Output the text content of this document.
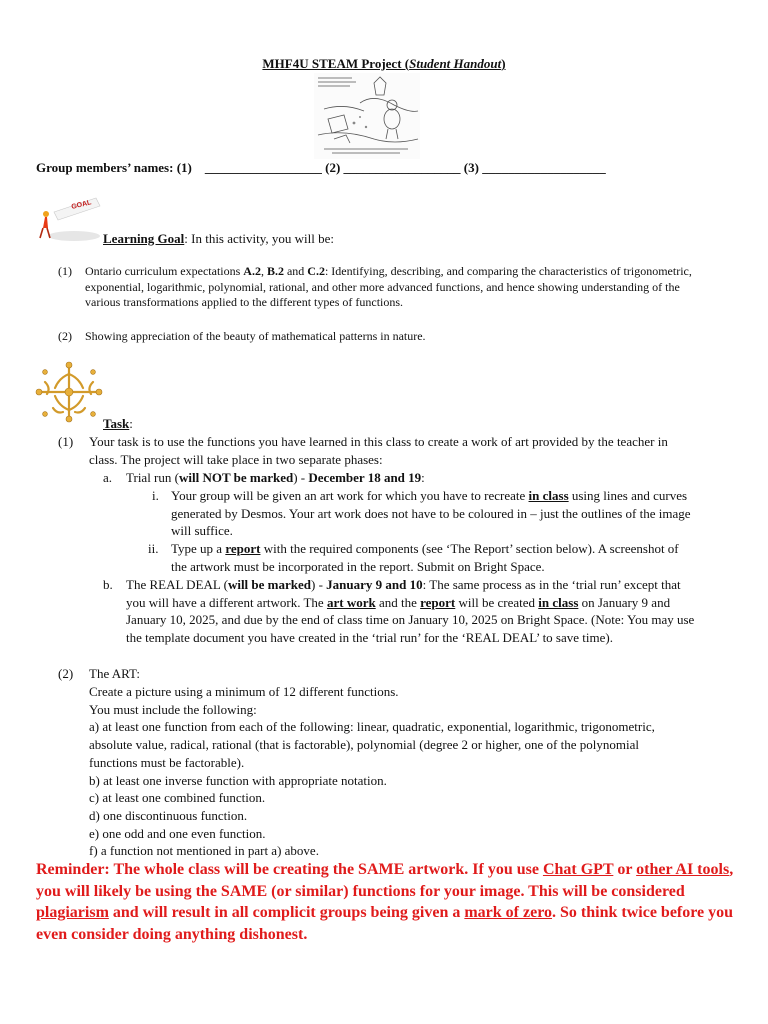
MHF4U STEAM Project (Student Handout)
Group members’ names: (1) __________________ (2) __________________ (3) ___________________
GOAL
Learning Goal: In this activity, you will be:
(1) Ontario curriculum expectations A.2, B.2 and C.2: Identifying, describing, and comparing the characteristics of trigonometric, exponential, logarithmic, polynomial, rational, and other more advanced functions, and hence showing understanding of the various transformations applied to the different types of functions.
(2) Showing appreciation of the beauty of mathematical patterns in nature.
Task:
(1) Your task is to use the functions you have learned in this class to create a work of art provided by the teacher in class. The project will take place in two separate phases:
a. Trial run (will NOT be marked) - December 18 and 19:
i. Your group will be given an art work for which you have to recreate in class using lines and curves generated by Desmos. Your art work does not have to be coloured in – just the outlines of the image will suffice.
ii. Type up a report with the required components (see ‘The Report’ section below). A screenshot of the artwork must be incorporated in the report. Submit on Bright Space.
b. The REAL DEAL (will be marked) - January 9 and 10: The same process as in the ‘trial run’ except that you will have a different artwork. The art work and the report will be created in class on January 9 and January 10, 2025, and due by the end of class time on January 10, 2025 on Bright Space. (Note: You may use the template document you have created in the ‘trial run’ for the ‘REAL DEAL’ to save time).
(2) The ART:
Create a picture using a minimum of 12 different functions.
You must include the following:
a) at least one function from each of the following: linear, quadratic, exponential, logarithmic, trigonometric, absolute value, radical, rational (that is factorable), polynomial (degree 2 or higher, one of the polynomial functions must be factorable).
b) at least one inverse function with appropriate notation.
c) at least one combined function.
d) one discontinuous function.
e) one odd and one even function.
f) a function not mentioned in part a) above.
Reminder: The whole class will be creating the SAME artwork. If you use Chat GPT or other AI tools, you will likely be using the SAME (or similar) functions for your image. This will be considered plagiarism and will result in all complicit groups being given a mark of zero. So think twice before you even consider doing anything dishonest.
